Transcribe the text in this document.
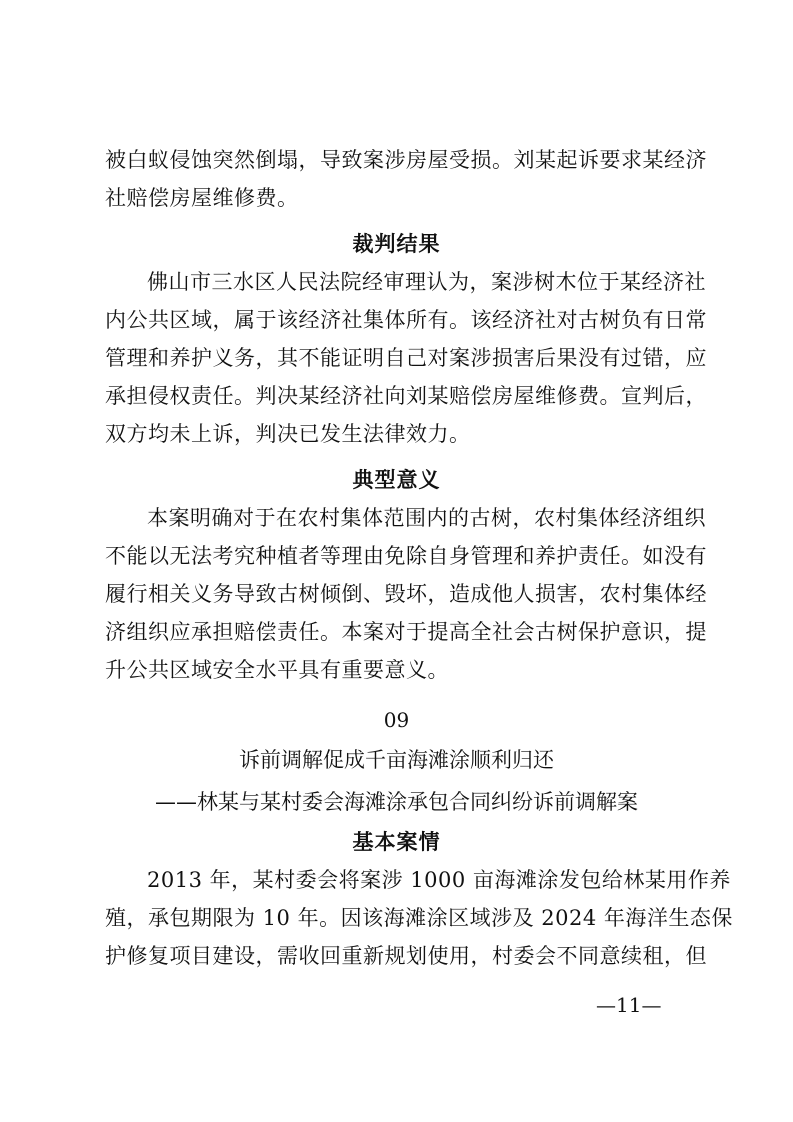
被白蚁侵蚀突然倒塌，导致案涉房屋受损。刘某起诉要求某经济
社赔偿房屋维修费。
裁判结果
佛山市三水区人民法院经审理认为，案涉树木位于某经济社
内公共区域，属于该经济社集体所有。该经济社对古树负有日常
管理和养护义务，其不能证明自己对案涉损害后果没有过错，应
承担侵权责任。判决某经济社向刘某赔偿房屋维修费。宣判后，
双方均未上诉，判决已发生法律效力。
典型意义
本案明确对于在农村集体范围内的古树，农村集体经济组织
不能以无法考究种植者等理由免除自身管理和养护责任。如没有
履行相关义务导致古树倾倒、毁坏，造成他人损害，农村集体经
济组织应承担赔偿责任。本案对于提高全社会古树保护意识，提
升公共区域安全水平具有重要意义。
09
诉前调解促成千亩海滩涂顺利归还
——林某与某村委会海滩涂承包合同纠纷诉前调解案
基本案情
2013 年，某村委会将案涉 1000 亩海滩涂发包给林某用作养
殖，承包期限为 10 年。因该海滩涂区域涉及 2024 年海洋生态保
护修复项目建设，需收回重新规划使用，村委会不同意续租，但
—11—
